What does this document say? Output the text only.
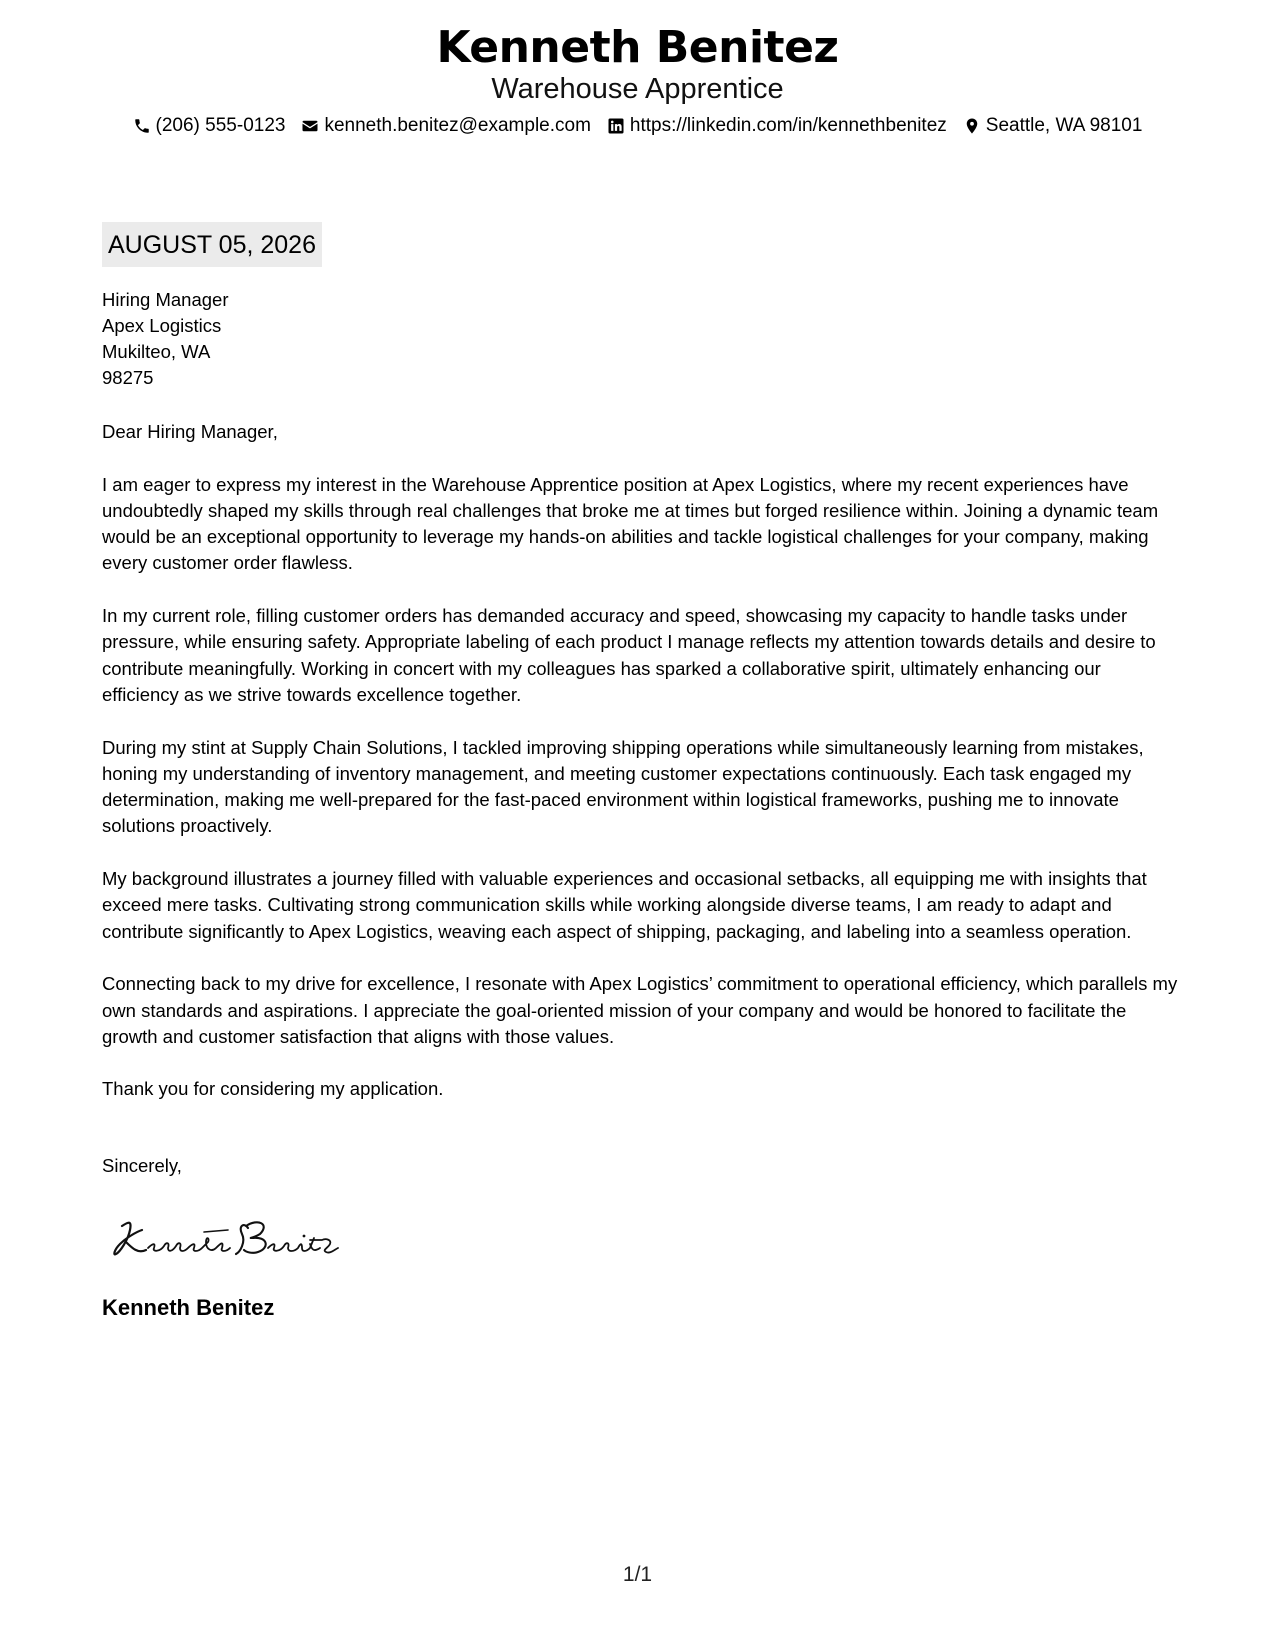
Kenneth Benitez
Warehouse Apprentice
(206) 555-0123 kenneth.benitez@example.com https://linkedin.com/in/kennethbenitez Seattle, WA 98101
AUGUST 05, 2026
Hiring Manager
Apex Logistics
Mukilteo, WA
98275

Dear Hiring Manager,

I am eager to express my interest in the Warehouse Apprentice position at Apex Logistics, where my recent experiences have undoubtedly shaped my skills through real challenges that broke me at times but forged resilience within. Joining a dynamic team would be an exceptional opportunity to leverage my hands-on abilities and tackle logistical challenges for your company, making every customer order flawless.

In my current role, filling customer orders has demanded accuracy and speed, showcasing my capacity to handle tasks under pressure, while ensuring safety. Appropriate labeling of each product I manage reflects my attention towards details and desire to contribute meaningfully. Working in concert with my colleagues has sparked a collaborative spirit, ultimately enhancing our efficiency as we strive towards excellence together.

During my stint at Supply Chain Solutions, I tackled improving shipping operations while simultaneously learning from mistakes, honing my understanding of inventory management, and meeting customer expectations continuously. Each task engaged my determination, making me well-prepared for the fast-paced environment within logistical frameworks, pushing me to innovate solutions proactively.

My background illustrates a journey filled with valuable experiences and occasional setbacks, all equipping me with insights that exceed mere tasks. Cultivating strong communication skills while working alongside diverse teams, I am ready to adapt and contribute significantly to Apex Logistics, weaving each aspect of shipping, packaging, and labeling into a seamless operation.

Connecting back to my drive for excellence, I resonate with Apex Logistics’ commitment to operational efficiency, which parallels my own standards and aspirations. I appreciate the goal-oriented mission of your company and would be honored to facilitate the growth and customer satisfaction that aligns with those values.

Thank you for considering my application.

Sincerely,
Kenneth Benitez
1/1
